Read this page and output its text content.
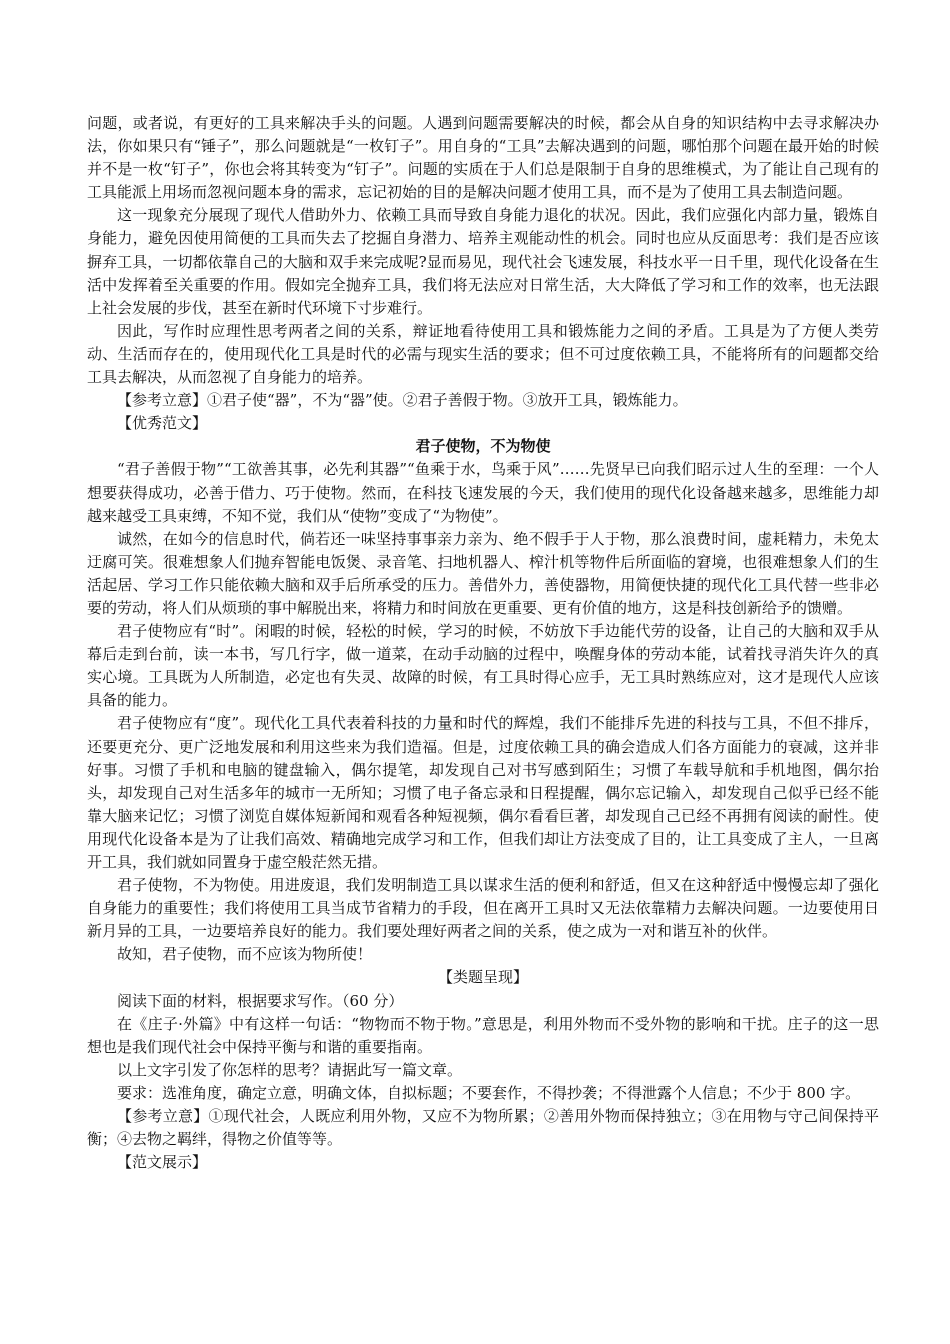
问题，或者说，有更好的工具来解决手头的问题。人遇到问题需要解决的时候，都会从自身的知识结构中去寻求解决办法，你如果只有“锤子”，那么问题就是“一枚钉子”。用自身的“工具”去解决遇到的问题，哪怕那个问题在最开始的时候并不是一枚“钉子”，你也会将其转变为“钉子”。问题的实质在于人们总是限制于自身的思维模式，为了能让自己现有的工具能派上用场而忽视问题本身的需求，忘记初始的目的是解决问题才使用工具，而不是为了使用工具去制造问题。

这一现象充分展现了现代人借助外力、依赖工具而导致自身能力退化的状况。因此，我们应强化内部力量，锻炼自身能力，避免因使用简便的工具而失去了挖掘自身潜力、培养主观能动性的机会。同时也应从反面思考：我们是否应该摒弃工具，一切都依靠自己的大脑和双手来完成呢?显而易见，现代社会飞速发展，科技水平一日千里，现代化设备在生活中发挥着至关重要的作用。假如完全抛弃工具，我们将无法应对日常生活，大大降低了学习和工作的效率，也无法跟上社会发展的步伐，甚至在新时代环境下寸步难行。

因此，写作时应理性思考两者之间的关系，辩证地看待使用工具和锻炼能力之间的矛盾。工具是为了方便人类劳动、生活而存在的，使用现代化工具是时代的必需与现实生活的要求；但不可过度依赖工具，不能将所有的问题都交给工具去解决，从而忽视了自身能力的培养。

【参考立意】①君子使“器”，不为“器”使。②君子善假于物。③放开工具，锻炼能力。

【优秀范文】

君子使物，不为物使

“君子善假于物”“工欲善其事，必先利其器”“鱼乘于水，鸟乘于风”……先贤早已向我们昭示过人生的至理：一个人想要获得成功，必善于借力、巧于使物。然而，在科技飞速发展的今天，我们使用的现代化设备越来越多，思维能力却越来越受工具束缚，不知不觉，我们从“使物”变成了“为物使”。

诚然，在如今的信息时代，倘若还一味坚持事事亲力亲为、绝不假手于人于物，那么浪费时间，虚耗精力，未免太迂腐可笑。很难想象人们抛弃智能电饭煲、录音笔、扫地机器人、榨汁机等物件后所面临的窘境，也很难想象人们的生活起居、学习工作只能依赖大脑和双手后所承受的压力。善借外力，善使器物，用简便快捷的现代化工具代替一些非必要的劳动，将人们从烦琐的事中解脱出来，将精力和时间放在更重要、更有价值的地方，这是科技创新给予的馈赠。

君子使物应有“时”。闲暇的时候，轻松的时候，学习的时候，不妨放下手边能代劳的设备，让自己的大脑和双手从幕后走到台前，读一本书，写几行字，做一道菜，在动手动脑的过程中，唤醒身体的劳动本能，试着找寻消失许久的真实心境。工具既为人所制造，必定也有失灵、故障的时候，有工具时得心应手，无工具时熟练应对，这才是现代人应该具备的能力。

君子使物应有“度”。现代化工具代表着科技的力量和时代的辉煌，我们不能排斥先进的科技与工具，不但不排斥，还要更充分、更广泛地发展和利用这些来为我们造福。但是，过度依赖工具的确会造成人们各方面能力的衰减，这并非好事。习惯了手机和电脑的键盘输入，偶尔提笔，却发现自己对书写感到陌生；习惯了车载导航和手机地图，偶尔抬头，却发现自己对生活多年的城市一无所知；习惯了电子备忘录和日程提醒，偶尔忘记输入，却发现自己似乎已经不能靠大脑来记忆；习惯了浏览自媒体短新闻和观看各种短视频，偶尔看看巨著，却发现自己已经不再拥有阅读的耐性。使用现代化设备本是为了让我们高效、精确地完成学习和工作，但我们却让方法变成了目的，让工具变成了主人，一旦离开工具，我们就如同置身于虚空般茫然无措。

君子使物，不为物使。用进废退，我们发明制造工具以谋求生活的便利和舒适，但又在这种舒适中慢慢忘却了强化自身能力的重要性；我们将使用工具当成节省精力的手段，但在离开工具时又无法依靠精力去解决问题。一边要使用日新月异的工具，一边要培养良好的能力。我们要处理好两者之间的关系，使之成为一对和谐互补的伙伴。

故知，君子使物，而不应该为物所使！

【类题呈现】

阅读下面的材料，根据要求写作。（60 分）

在《庄子·外篇》中有这样一句话：“物物而不物于物。”意思是，利用外物而不受外物的影响和干扰。庄子的这一思想也是我们现代社会中保持平衡与和谐的重要指南。

以上文字引发了你怎样的思考？请据此写一篇文章。

要求：选准角度，确定立意，明确文体，自拟标题；不要套作，不得抄袭；不得泄露个人信息；不少于 800 字。

【参考立意】①现代社会，人既应利用外物，又应不为物所累；②善用外物而保持独立；③在用物与守己间保持平衡；④去物之羁绊，得物之价值等等。

【范文展示】
